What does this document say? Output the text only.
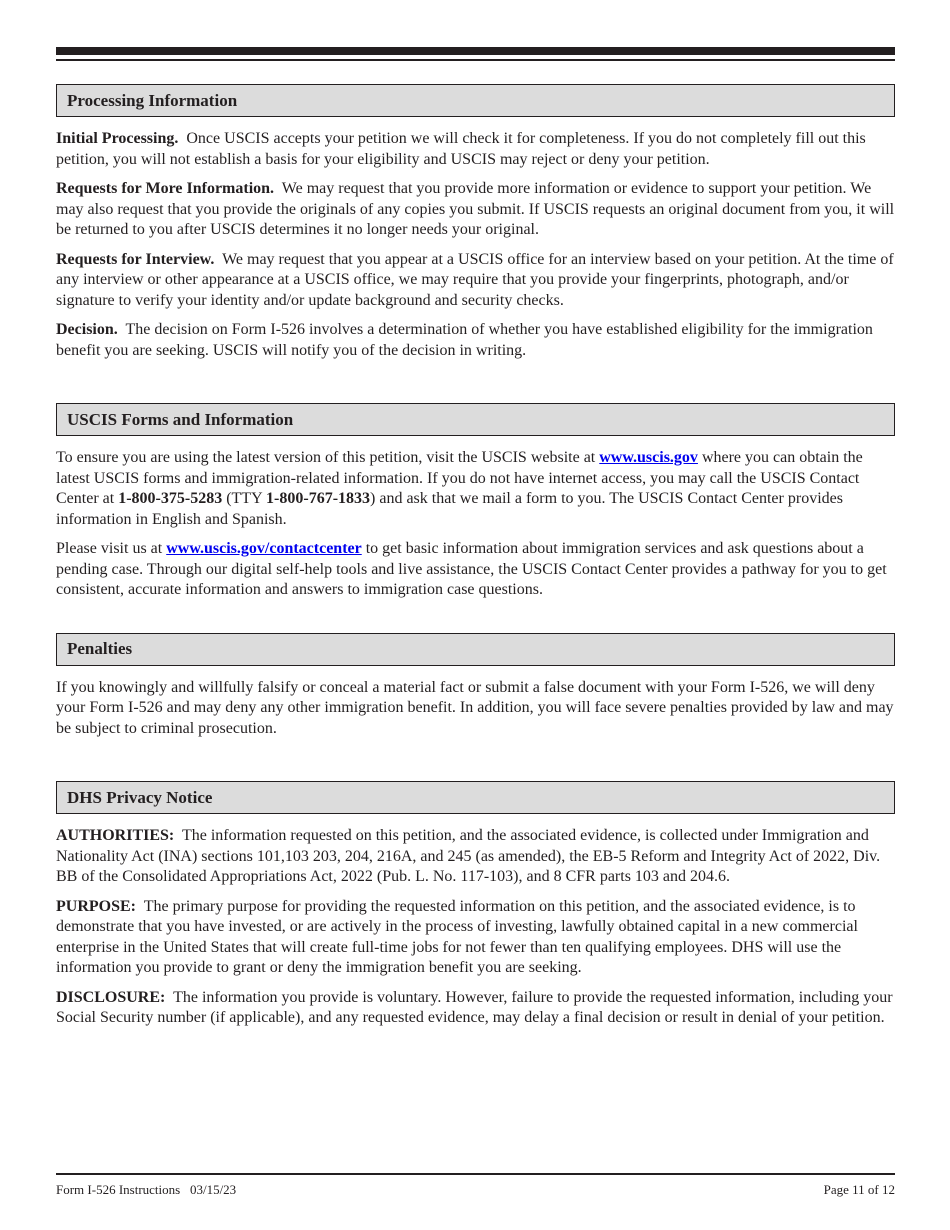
Processing Information

Initial Processing. Once USCIS accepts your petition we will check it for completeness. If you do not completely fill out this petition, you will not establish a basis for your eligibility and USCIS may reject or deny your petition.

Requests for More Information. We may request that you provide more information or evidence to support your petition. We may also request that you provide the originals of any copies you submit. If USCIS requests an original document from you, it will be returned to you after USCIS determines it no longer needs your original.

Requests for Interview. We may request that you appear at a USCIS office for an interview based on your petition. At the time of any interview or other appearance at a USCIS office, we may require that you provide your fingerprints, photograph, and/or signature to verify your identity and/or update background and security checks.

Decision. The decision on Form I-526 involves a determination of whether you have established eligibility for the immigration benefit you are seeking. USCIS will notify you of the decision in writing.

USCIS Forms and Information

To ensure you are using the latest version of this petition, visit the USCIS website at www.uscis.gov where you can obtain the latest USCIS forms and immigration-related information. If you do not have internet access, you may call the USCIS Contact Center at 1-800-375-5283 (TTY 1-800-767-1833) and ask that we mail a form to you. The USCIS Contact Center provides information in English and Spanish.

Please visit us at www.uscis.gov/contactcenter to get basic information about immigration services and ask questions about a pending case. Through our digital self-help tools and live assistance, the USCIS Contact Center provides a pathway for you to get consistent, accurate information and answers to immigration case questions.

Penalties

If you knowingly and willfully falsify or conceal a material fact or submit a false document with your Form I-526, we will deny your Form I-526 and may deny any other immigration benefit. In addition, you will face severe penalties provided by law and may be subject to criminal prosecution.

DHS Privacy Notice

AUTHORITIES: The information requested on this petition, and the associated evidence, is collected under Immigration and Nationality Act (INA) sections 101,103 203, 204, 216A, and 245 (as amended), the EB-5 Reform and Integrity Act of 2022, Div. BB of the Consolidated Appropriations Act, 2022 (Pub. L. No. 117-103), and 8 CFR parts 103 and 204.6.

PURPOSE: The primary purpose for providing the requested information on this petition, and the associated evidence, is to demonstrate that you have invested, or are actively in the process of investing, lawfully obtained capital in a new commercial enterprise in the United States that will create full-time jobs for not fewer than ten qualifying employees. DHS will use the information you provide to grant or deny the immigration benefit you are seeking.

DISCLOSURE: The information you provide is voluntary. However, failure to provide the requested information, including your Social Security number (if applicable), and any requested evidence, may delay a final decision or result in denial of your petition.

Form I-526 Instructions   03/15/23	Page 11 of 12
